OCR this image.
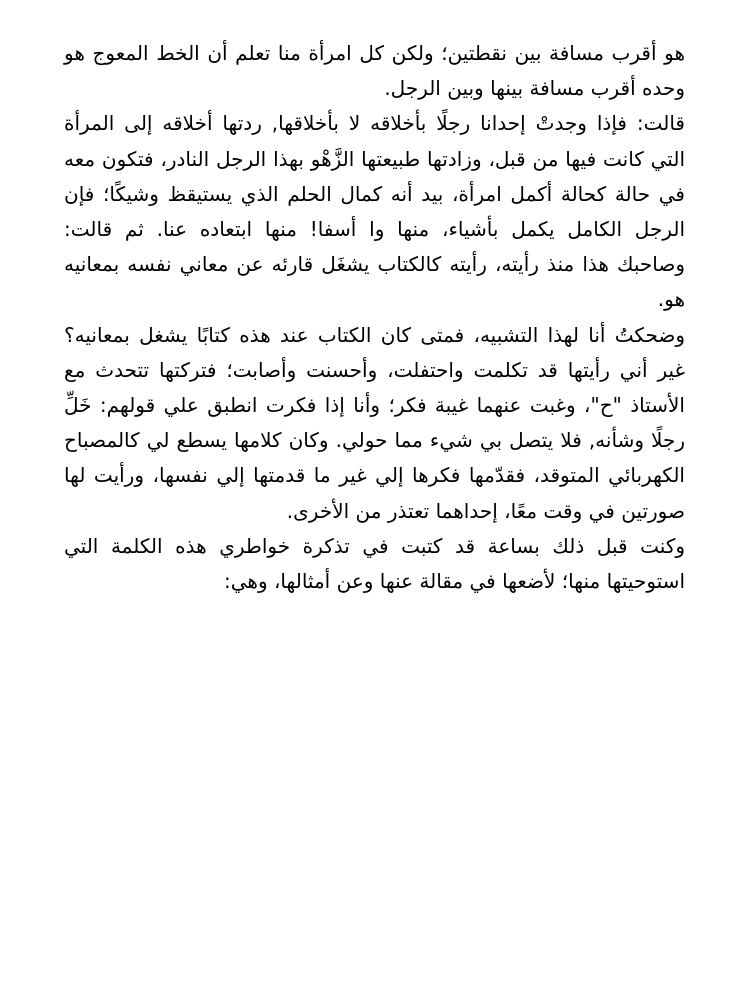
هو أقرب مسافة بين نقطتين؛ ولكن كل امرأة منا تعلم أن الخط المعوج هو وحده أقرب مسافة بينها وبين الرجل.

قالت: فإذا وجدتْ إحدانا رجلًا بأخلاقه لا بأخلاقها, ردتها أخلاقه إلى المرأة التي كانت فيها من قبل، وزادتها طبيعتها الزَّهْو بهذا الرجل النادر، فتكون معه في حالة كحالة أكمل امرأة، بيد أنه كمال الحلم الذي يستيقظ وشيكًا؛ فإن الرجل الكامل يكمل بأشياء، منها وا أسفا! منها ابتعاده عنا. ثم قالت: وصاحبك هذا منذ رأيته، رأيته كالكتاب يشغَل قارئه عن معاني نفسه بمعانيه هو.

وضحكتُ أنا لهذا التشبيه، فمتى كان الكتاب عند هذه كتابًا يشغل بمعانيه؟ غير أني رأيتها قد تكلمت واحتفلت، وأحسنت وأصابت؛ فتركتها تتحدث مع الأستاذ "ح"، وغبت عنهما غيبة فكر؛ وأنا إذا فكرت انطبق علي قولهم: خَلِّ رجلًا وشأنه, فلا يتصل بي شيء مما حولي. وكان كلامها يسطع لي كالمصباح الكهربائي المتوقد، فقدّمها فكرها إلي غير ما قدمتها إلي نفسها، ورأيت لها صورتين في وقت معًا، إحداهما تعتذر من الأخرى.

وكنت قبل ذلك بساعة قد كتبت في تذكرة خواطري هذه الكلمة التي استوحيتها منها؛ لأضعها في مقالة عنها وعن أمثالها، وهي:
